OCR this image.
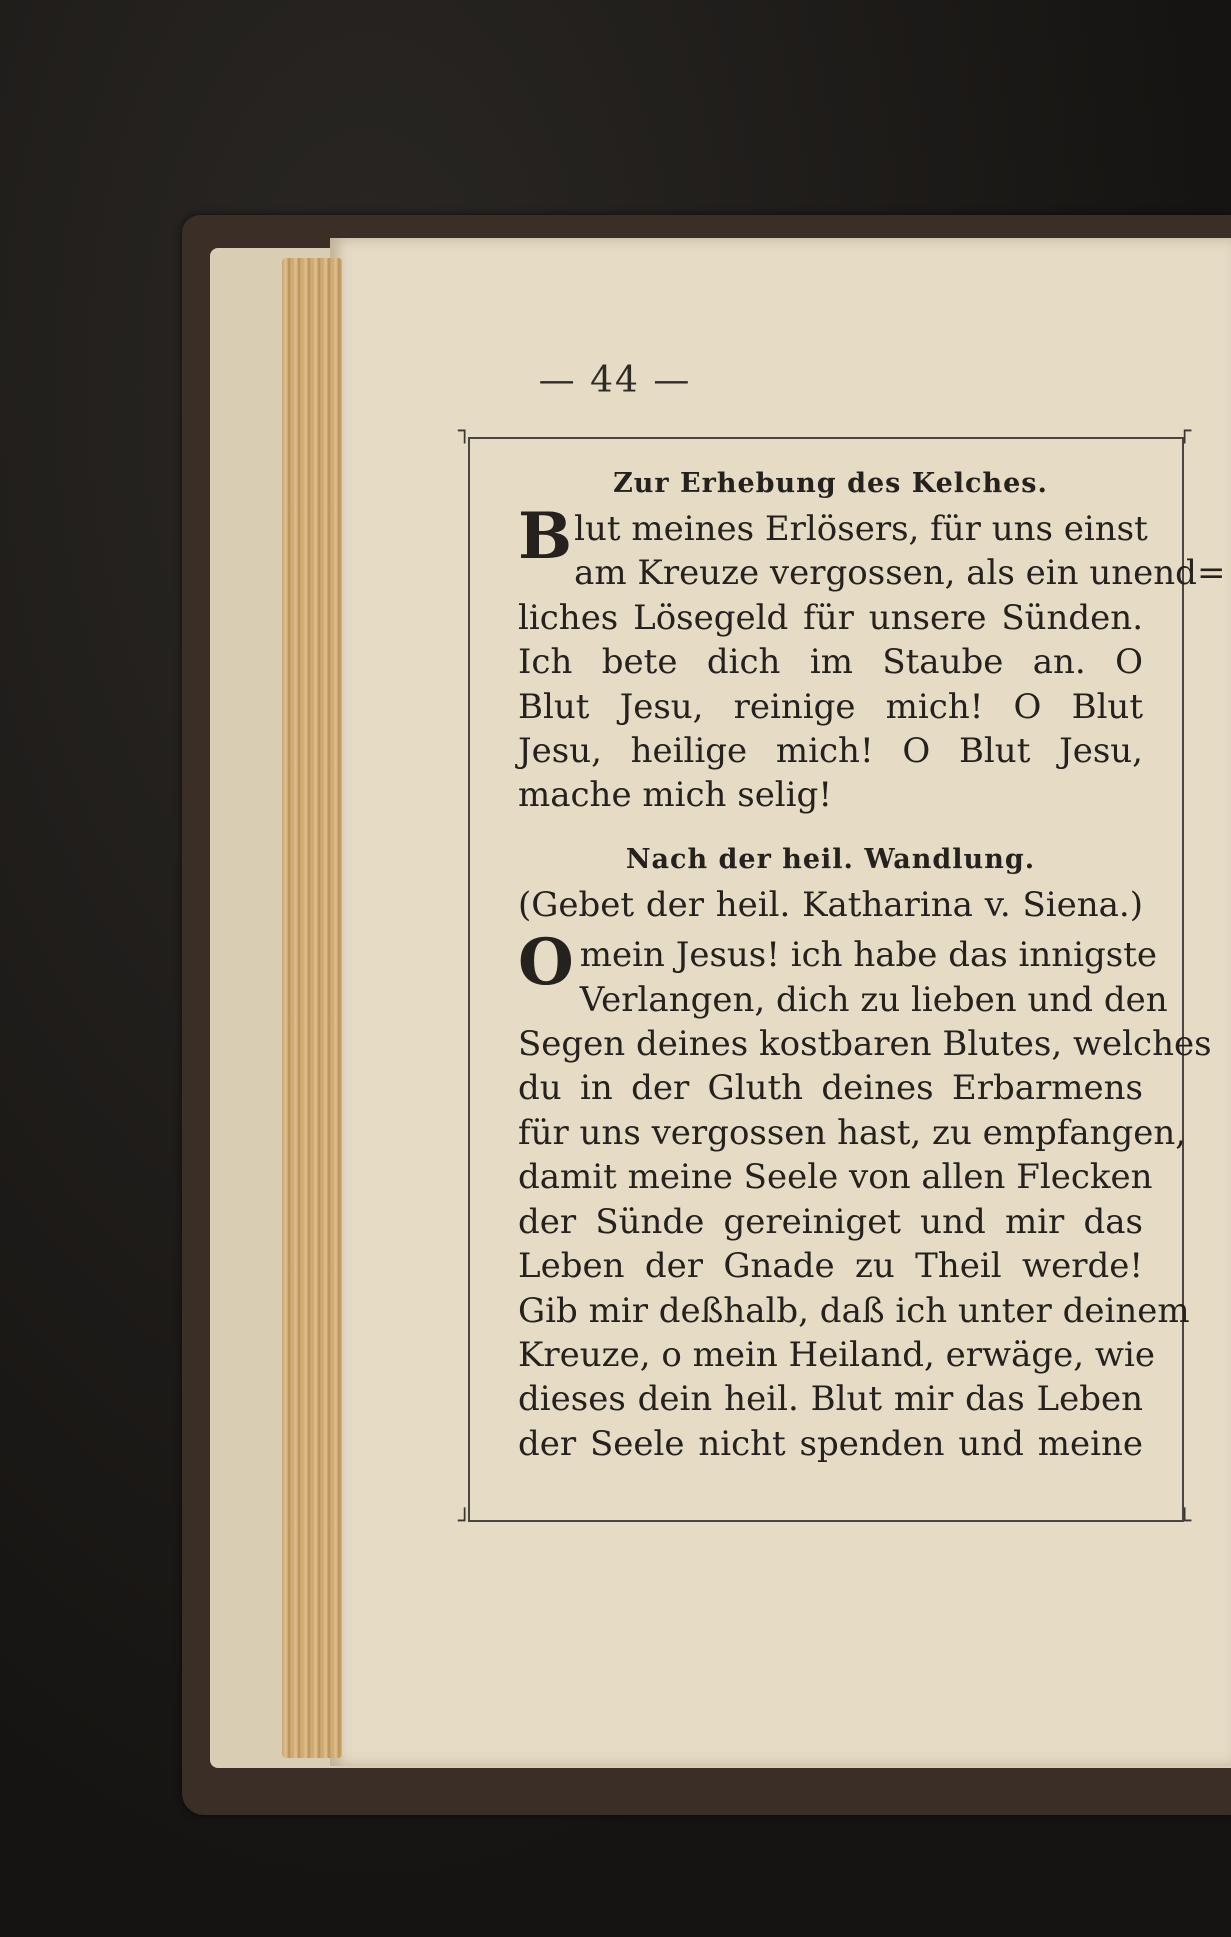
— 44 —
┐	┌
┘	└
Zur Erhebung des Kelches.
B lut meines Erlösers, für uns einst
am Kreuze vergossen, als ein unend=
liches Lösegeld für unsere Sünden.
Ich bete dich im Staube an. O
Blut Jesu, reinige mich! O Blut
Jesu, heilige mich! O Blut Jesu,
mache mich selig!
Nach der heil. Wandlung.
(Gebet der heil. Katharina v. Siena.)
O mein Jesus! ich habe das innigste
Verlangen, dich zu lieben und den
Segen deines kostbaren Blutes, welches
du in der Gluth deines Erbarmens
für uns vergossen hast, zu empfangen,
damit meine Seele von allen Flecken
der Sünde gereiniget und mir das
Leben der Gnade zu Theil werde!
Gib mir deßhalb, daß ich unter deinem
Kreuze, o mein Heiland, erwäge, wie
dieses dein heil. Blut mir das Leben
der Seele nicht spenden und meine
